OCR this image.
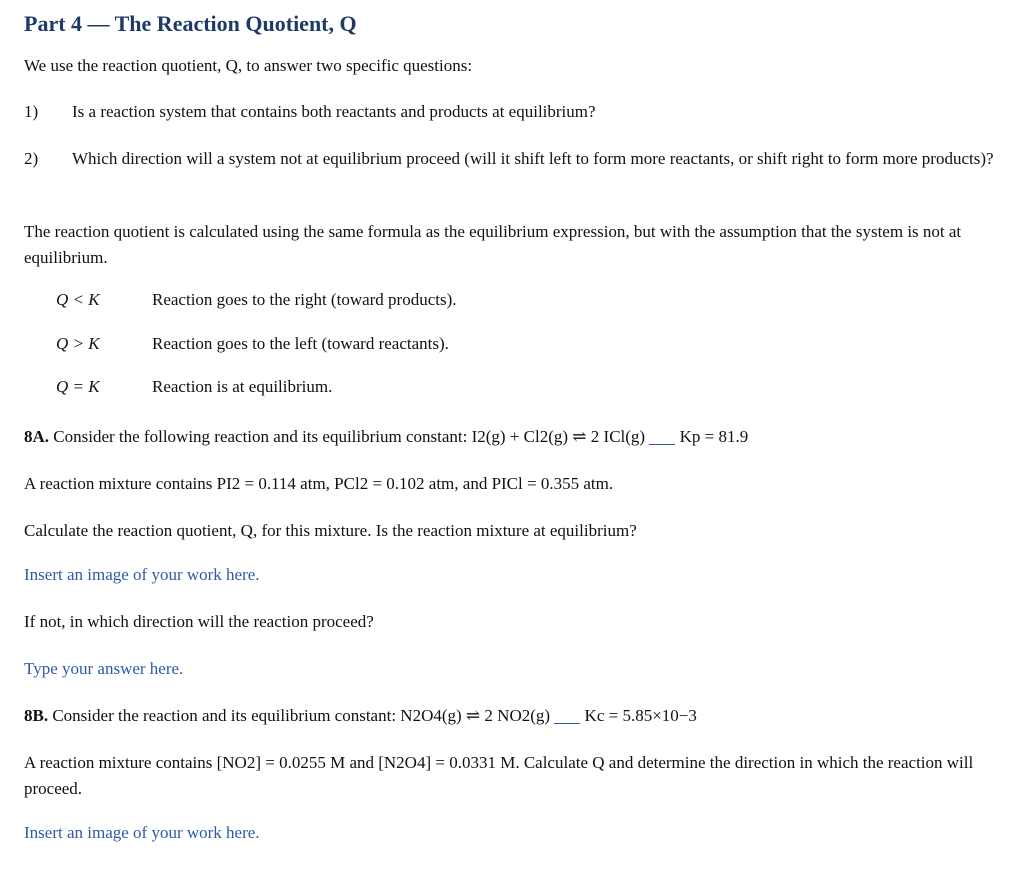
Part 4 — The Reaction Quotient, Q
We use the reaction quotient, Q, to answer two specific questions:
1) Is a reaction system that contains both reactants and products at equilibrium?
2) Which direction will a system not at equilibrium proceed (will it shift left to form more reactants, or shift right to form more products)?
The reaction quotient is calculated using the same formula as the equilibrium expression, but with the assumption that the system is not at equilibrium.
Q < K	Reaction goes to the right (toward products).
Q > K	Reaction goes to the left (toward reactants).
Q = K	Reaction is at equilibrium.
8A. Consider the following reaction and its equilibrium constant: I2(g) + Cl2(g) ⇌ 2 ICl(g) Kp = 81.9
A reaction mixture contains PI2 = 0.114 atm, PCl2 = 0.102 atm, and PICl = 0.355 atm.
Calculate the reaction quotient, Q, for this mixture. Is the reaction mixture at equilibrium?
Insert an image of your work here.
If not, in which direction will the reaction proceed?
Type your answer here.
8B. Consider the reaction and its equilibrium constant: N2O4(g) ⇌ 2 NO2(g) Kc = 5.85×10−3
A reaction mixture contains [NO2] = 0.0255 M and [N2O4] = 0.0331 M. Calculate Q and determine the direction in which the reaction will proceed.
Insert an image of your work here.
